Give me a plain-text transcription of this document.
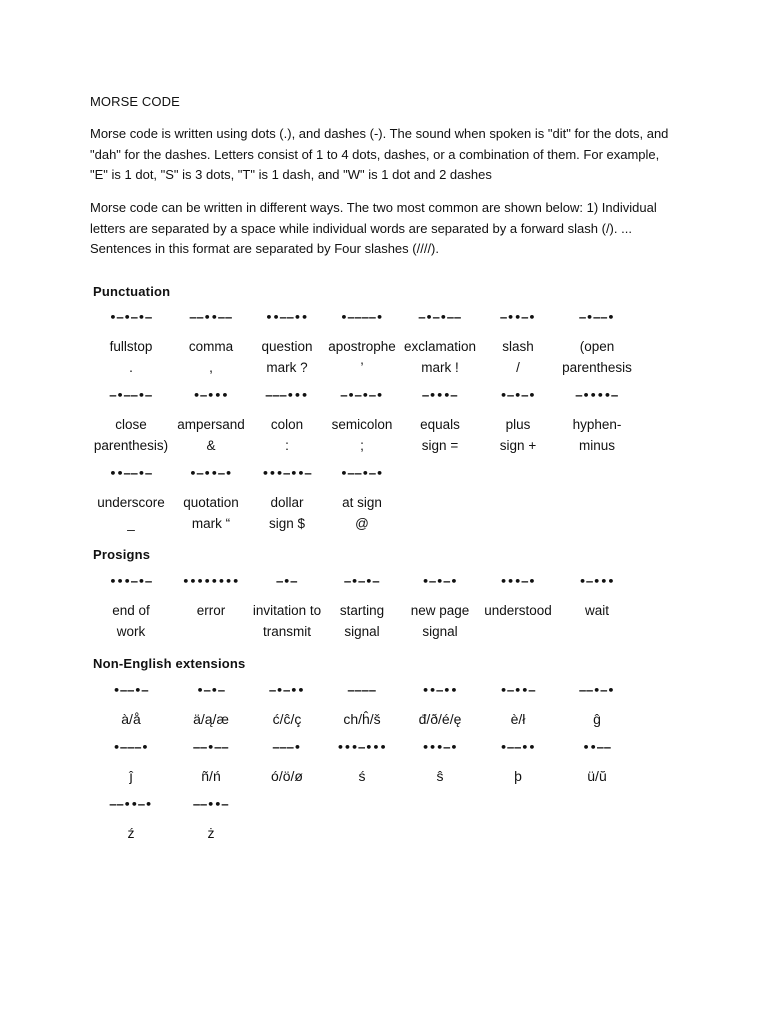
MORSE CODE

Morse code is written using dots (.), and dashes (-). The sound when spoken is "dit" for the dots, and "dah" for the dashes. Letters consist of 1 to 4 dots, dashes, or a combination of them. For example, "E" is 1 dot, "S" is 3 dots, "T" is 1 dash, and "W" is 1 dot and 2 dashes

Morse code can be written in different ways. The two most common are shown below: 1) Individual letters are separated by a space while individual words are separated by a forward slash (/). ... Sentences in this format are separated by Four slashes (////).

Punctuation
Prosigns
Non-English extensions
•–•–•–
fullstop
.
––••––
comma
,
••––••
question
mark ?
•––––•
apostrophe
’
–•–•––
exclamation
mark !
–••–•
slash
/
–•––•
(open
parenthesis
–•––•–
close
parenthesis)
•–•••
ampersand
&
–––•••
colon
:
–•–•–•
semicolon
;
–•••–
equals
sign =
•–•–•
plus
sign +
–••••–
hyphen-
minus
••––•–
underscore
_
•–••–•
quotation
mark “
•••–••–
dollar
sign $
•––•–•
at sign
@
•••–•–
end of
work
••••••••
error
–•–
invitation to
transmit
–•–•–
starting
signal
•–•–•
new page
signal
•••–•
understood
•–•••
wait
•––•–
à/å
•–•–
ä/ą/æ
–•–••
ć/ĉ/ç
––––
ch/ĥ/š
••–••
đ/ð/é/ę
•–••–
è/ł
––•–•
ĝ
•–––•
ĵ
––•––
ñ/ń
–––•
ó/ö/ø
•••–•••
ś
•••–•
ŝ
•––••
þ
••––
ü/ŭ
––••–•
ź
––••–
ż
